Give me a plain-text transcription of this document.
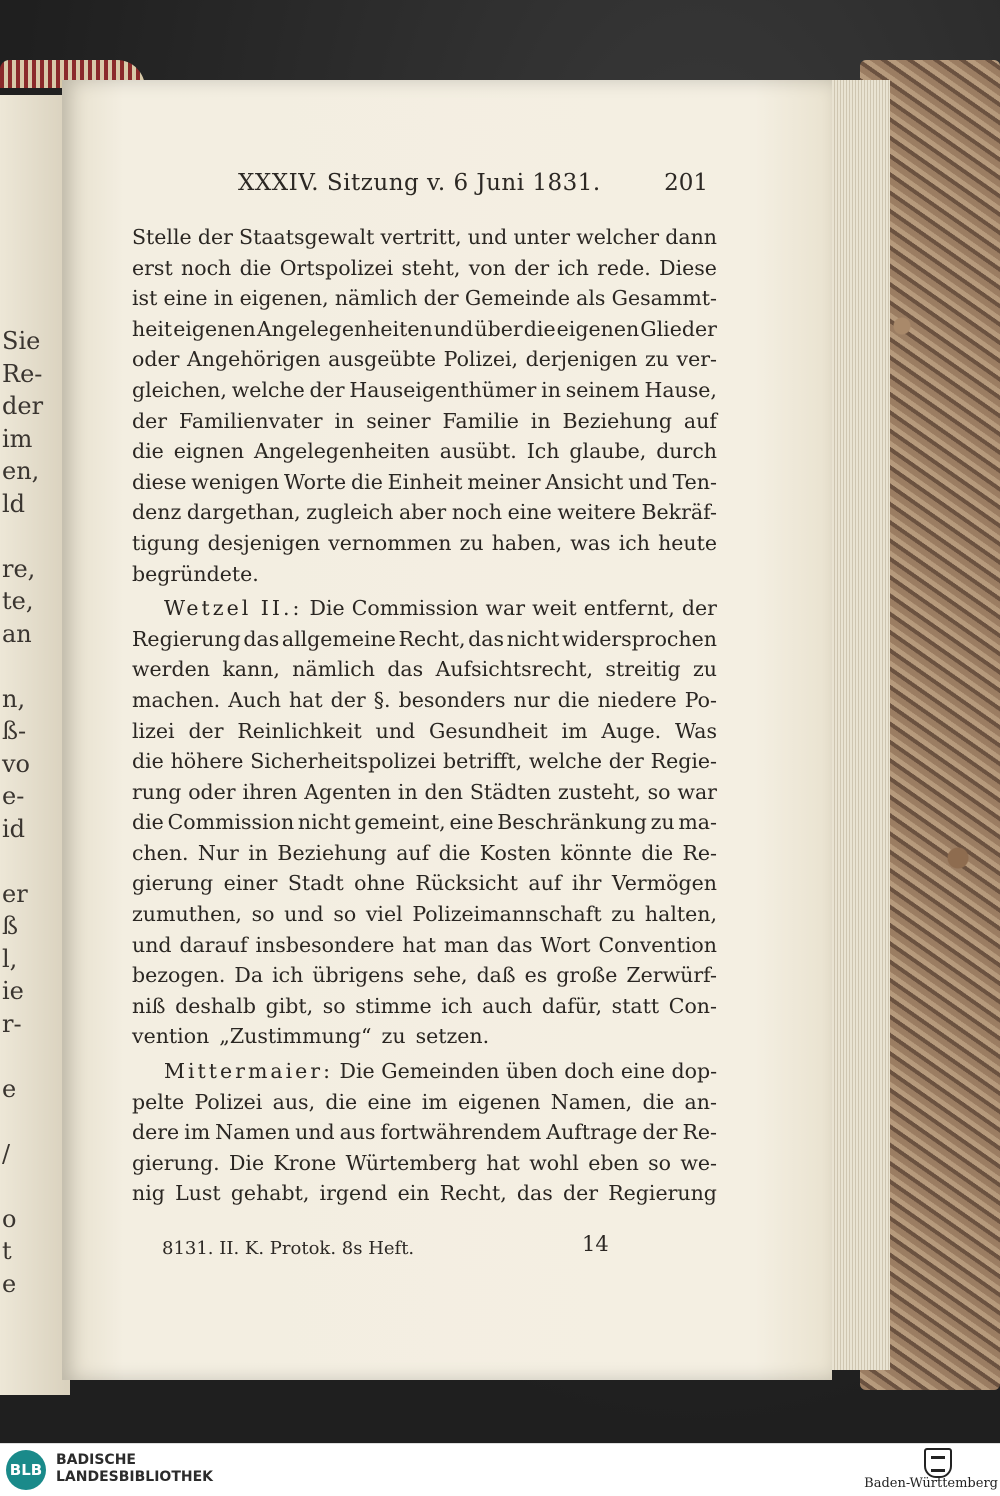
Sie
Re-
der
im
en,
ld
re,
te,
an
n,
ß-
vo
e-
id
er
ß
l,
ie
r-
e
/
o
t
e
XXXIV. Sitzung v. 6 Juni 1831.	201
Stelle der Staatsgewalt vertritt, und unter welcher dann
erst noch die Ortspolizei steht, von der ich rede. Diese
ist eine in eigenen, nämlich der Gemeinde als Gesammt-
heit eigenen Angelegenheiten und über die eigenen Glieder
oder Angehörigen ausgeübte Polizei, derjenigen zu ver-
gleichen, welche der Hauseigenthümer in seinem Hause,
der Familienvater in seiner Familie in Beziehung auf
die eignen Angelegenheiten ausübt. Ich glaube, durch
diese wenigen Worte die Einheit meiner Ansicht und Ten-
denz dargethan, zugleich aber noch eine weitere Bekräf-
tigung desjenigen vernommen zu haben, was ich heute
begründete.
Wetzel II.: Die Commission war weit entfernt, der
Regierung das allgemeine Recht, das nicht widersprochen
werden kann, nämlich das Aufsichtsrecht, streitig zu
machen. Auch hat der §. besonders nur die niedere Po-
lizei der Reinlichkeit und Gesundheit im Auge. Was
die höhere Sicherheitspolizei betrifft, welche der Regie-
rung oder ihren Agenten in den Städten zusteht, so war
die Commission nicht gemeint, eine Beschränkung zu ma-
chen. Nur in Beziehung auf die Kosten könnte die Re-
gierung einer Stadt ohne Rücksicht auf ihr Vermögen
zumuthen, so und so viel Polizeimannschaft zu halten,
und darauf insbesondere hat man das Wort Convention
bezogen. Da ich übrigens sehe, daß es große Zerwürf-
niß deshalb gibt, so stimme ich auch dafür, statt Con-
vention „Zustimmung“ zu setzen.
Mittermaier: Die Gemeinden üben doch eine dop-
pelte Polizei aus, die eine im eigenen Namen, die an-
dere im Namen und aus fortwährendem Auftrage der Re-
gierung. Die Krone Würtemberg hat wohl eben so we-
nig Lust gehabt, irgend ein Recht, das der Regierung
8131. II. K. Protok. 8s Heft.	14
BLB
BADISCHE
LANDESBIBLIOTHEK	Baden-Württemberg
